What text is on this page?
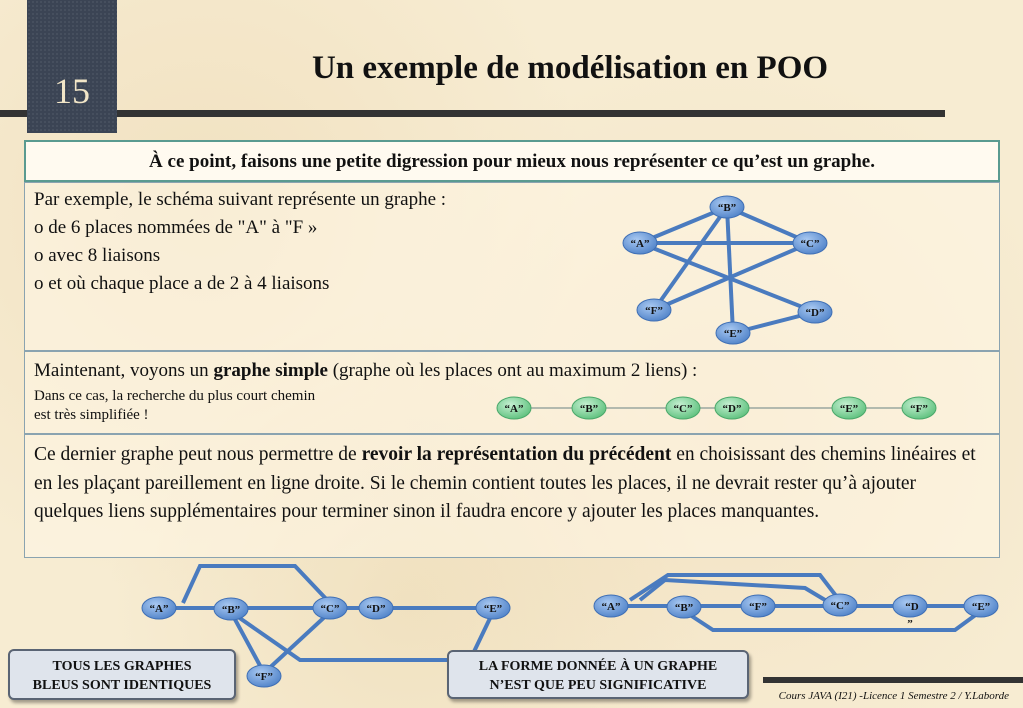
15
Un exemple de modélisation en POO
À ce point, faisons une petite digression pour mieux nous représenter ce qu’est un graphe.
Par exemple, le schéma suivant représente un graphe :
o de 6 places nommées de "A" à "F »
o avec 8 liaisons
o et où chaque place a de 2 à 4 liaisons
Maintenant, voyons un graphe simple (graphe où les places ont au maximum 2 liens) :
Dans ce cas, la recherche du plus court chemin
est très simplifiée !
Ce dernier graphe peut nous permettre de revoir la représentation du précédent en choisissant des chemins linéaires et en les plaçant pareillement en ligne droite. Si le chemin contient toutes les places, il ne devrait rester qu’à ajouter quelques liens supplémentaires pour terminer sinon il faudra encore y ajouter les places manquantes.
“B”
“A”	“C”
“F”	“D”
“E”
“A”	“B”	“C”	“D”	“E”	“F”
“A”	“B”	“C” “D”	“E”
“F”
“A”	“B”	“F”	“C”	“D
”
“E”
TOUS LES GRAPHES
BLEUS SONT IDENTIQUES
LA FORME DONNÉE À UN GRAPHE
N’EST QUE PEU SIGNIFICATIVE
Cours JAVA (I21) -Licence 1 Semestre 2 / Y.Laborde
